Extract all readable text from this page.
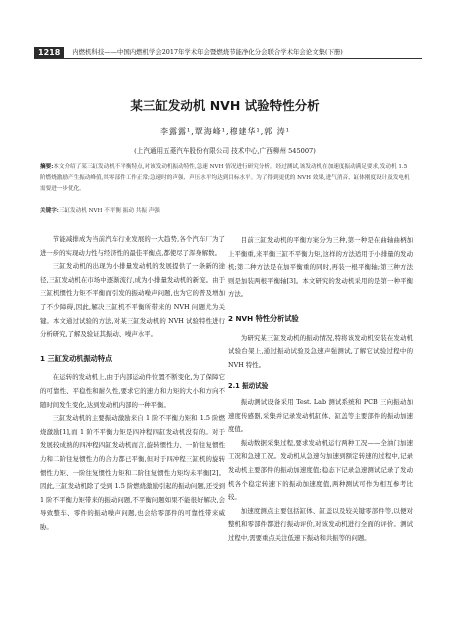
1218	内燃机科技——中国内燃机学会2017年学术年会暨燃烧节能净化分会联合学术年会论文集(下册)
某三缸发动机 NVH 试验特性分析
李露露¹,覃海峰¹,穆建华¹,郭 涛¹
(上汽通用五菱汽车股份有限公司 技术中心,广西柳州 545007)
摘要:本文介绍了某三缸发动机不平衡特点,对该发动机振动特性,急速 NVH 情况进行研究分析。经过测试,该发动机在加速度振动满足要求,发动机 1.5 阶燃烧激励产生振动峰值,其零部件工作正常;急速时的声强、声压水平均达到目标水平。为了得到更优的 NVH 效果,进气消音、缸体刚度设计及发电机需要进一步优化。
关键字:三缸发动机 NVH 不平衡 振动 共振 声强

节能减排成为当前汽车行业发展的一大趋势,各个汽车厂为了进一步的实现动力性与经济性的最佳平衡点,都使尽了浑身解数。

三缸发动机的出现为小排量发动机的发展提供了一条新的途径,三缸发动机在市场中逐渐流行,成为小排量发动机的新宠。由于三缸机惯性力矩不平衡而引发的振动噪声问题,也为它的普及增加了不少障碍,因此,解决三缸机不平衡所带来的 NVH 问题尤为关键。本文通过试验的方法,对某三缸发动机的 NVH 试验特性进行分析研究,了解及验证其振动、噪声水平。

1 三缸发动机振动特点

在运转的发动机上,由于内部运动件位置不断变化,为了保障它的可靠性、平稳性和耐久性,要求它的速力和力矩的大小和方向不随时间发生变化,达到发动机内部的一种平衡。

三缸发动机的主要振动激励来自 1 阶不平衡力矩和 1.5 阶燃烧激励[1],而 1 阶不平衡力矩是四冲程四缸发动机没有的。对于发展较成熟的四冲程四缸发动机而言,旋转惯性力、一阶往复惯性力和二阶往复惯性力的合力都已平衡,但对于四冲程三缸机的旋转惯性力矩、一阶往复惯性力矩和二阶往复惯性力矩均未平衡[2]。因此,三缸发动机除了受到 1.5 阶燃烧激励引起的振动问题,还受到 1 阶不平衡力矩带来的振动问题,不平衡问题如果不能很好解决,会导致整车、零件的振动噪声问题,也会给零部件的可靠性带来威胁。

目前三缸发动机的平衡方案分为三种,第一种是在曲轴曲柄加上平衡重,来平衡三缸不平衡力矩,这样的方法适用于小排量的发动机;第二种方法是在加平衡重的同时,再装一根平衡轴;第三种方法则是加装两根平衡轴[3]。本文研究的发动机采用的是第一种平衡方法。

2 NVH 特性分析试验

为研究某三缸发动机的振动情况,特将该发动机安装在发动机试验台架上,通过振动试验及急速声强测试,了解它试验过程中的 NVH 特性。

2.1 振动试验

振动测试设备采用 Test. Lab 测试系统和 PCB 三向振动加速度传感器,采集并记录发动机缸体、缸盖等主要部件的振动加速度值。

振动数据采集过程,要求发动机运行两种工况——全油门加速工况和急速工况。发动机从急速匀加速到额定转速的过程中,记录发动机主要部件的振动加速度值;稳态下记录急速测试记录了发动机各个稳定转速下的振动加速度值,两种测试可作为相互参考比较。

加速度测点主要包括缸体、缸盖以及较关键零部件等,以便对整机和零部件都进行振动评价,对该发动机进行全面的评价。测试过程中,需要重点关注低速下振动和共振等的问题。
